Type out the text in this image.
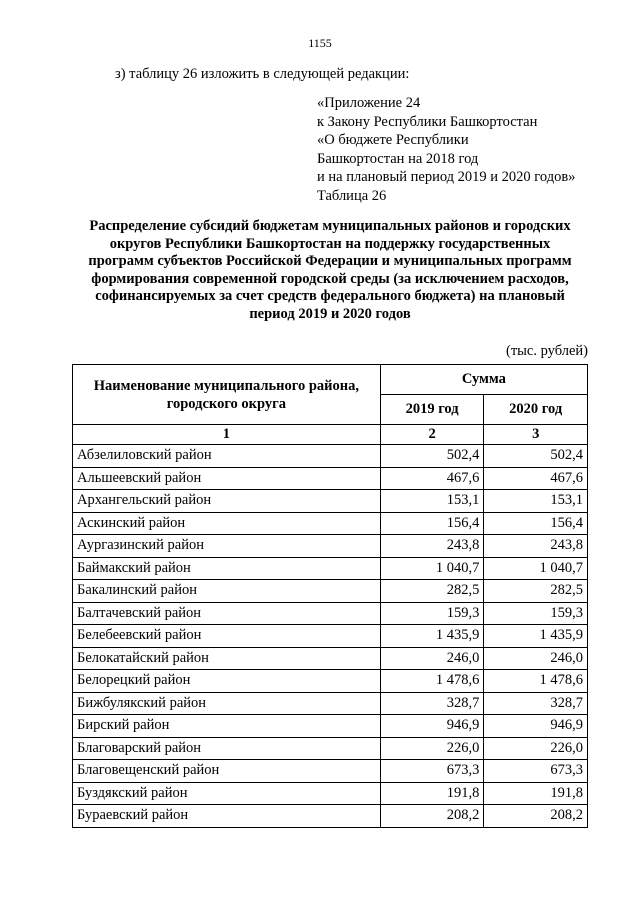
1155
з) таблицу 26 изложить в следующей редакции:
«Приложение 24
к Закону Республики Башкортостан
«О бюджете Республики
Башкортостан на 2018 год
и на плановый период 2019 и 2020 годов»
Таблица 26
Распределение субсидий бюджетам муниципальных районов и городских
округов Республики Башкортостан на поддержку государственных
программ субъектов Российской Федерации и муниципальных программ
формирования современной городской среды (за исключением расходов,
софинансируемых за счет средств федерального бюджета) на плановый
период 2019 и 2020 годов
(тыс. рублей)
Наименование муниципального района, городского округа	Сумма	
	2019 год	2020 год
1	2	3
Абзелиловский район	502,4	502,4
Альшеевский район	467,6	467,6
Архангельский район	153,1	153,1
Аскинский район	156,4	156,4
Аургазинский район	243,8	243,8
Баймакский район	1 040,7	1 040,7
Бакалинский район	282,5	282,5
Балтачевский район	159,3	159,3
Белебеевский район	1 435,9	1 435,9
Белокатайский район	246,0	246,0
Белорецкий район	1 478,6	1 478,6
Бижбулякский район	328,7	328,7
Бирский район	946,9	946,9
Благоварский район	226,0	226,0
Благовещенский район	673,3	673,3
Буздякский район	191,8	191,8
Бураевский район	208,2	208,2
